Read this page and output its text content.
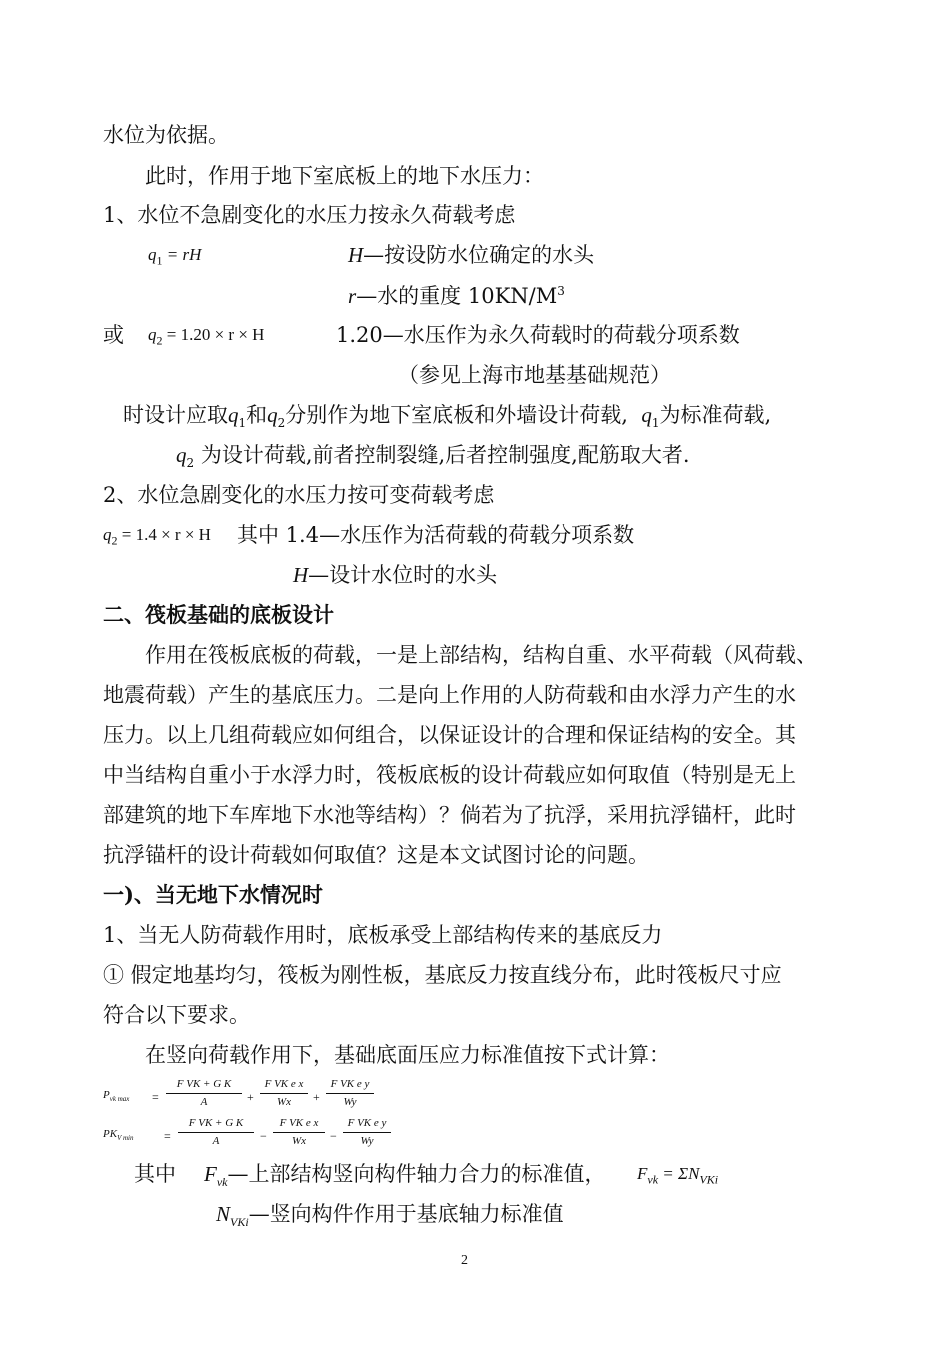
水位为依据。
此时，作用于地下室底板上的地下水压力：
1、水位不急剧变化的水压力按永久荷载考虑
$q_1$ = rH	H—按设防水位确定的水头
r—水的重度 $10KN/M^3$
或 $q_2 = 1.20 \times r \times H$	1.20—水压作为永久荷载时的荷载分项系数
（参见上海市地基基础规范）
时设计应取$q_1$和$q_2$分别作为地下室底板和外墙设计荷载, $q_1$为标准荷载,
$q_2$ 为设计荷载,前者控制裂缝,后者控制强度,配筋取大者.
2、水位急剧变化的水压力按可变荷载考虑
$q_2 = 1.4 \times r \times H$ 其中 1.4—水压作为活荷载的荷载分项系数
H—设计水位时的水头
二、筏板基础的底板设计
作用在筏板底板的荷载，一是上部结构，结构自重、水平荷载（风荷载、
地震荷载）产生的基底压力。二是向上作用的人防荷载和由水浮力产生的水
压力。以上几组荷载应如何组合，以保证设计的合理和保证结构的安全。其
中当结构自重小于水浮力时，筏板底板的设计荷载应如何取值（特别是无上
部建筑的地下车库地下水池等结构）？倘若为了抗浮，采用抗浮锚杆，此时
抗浮锚杆的设计荷载如何取值？这是本文试图讨论的问题。
一)、当无地下水情况时
1、当无人防荷载作用时，底板承受上部结构传来的基底反力
① 假定地基均匀，筏板为刚性板，基底反力按直线分布，此时筏板尺寸应
符合以下要求。
在竖向荷载作用下，基础底面压应力标准值按下式计算：
$P_{vk max}$ =
F VK + G K
A	+
F VK e x
Wx	+
F VK e y
Wy
$PK_{V min}$	=
F VK + G K
A	−
F VK e x
Wx	−
F VK e y
Wy
其中 $F_{vk}—$上部结构竖向构件轴力合力的标准值， $F_{vk} = \Sigma N_{VKi}$
$N_{VKi}—$竖向构件作用于基底轴力标准值
2
